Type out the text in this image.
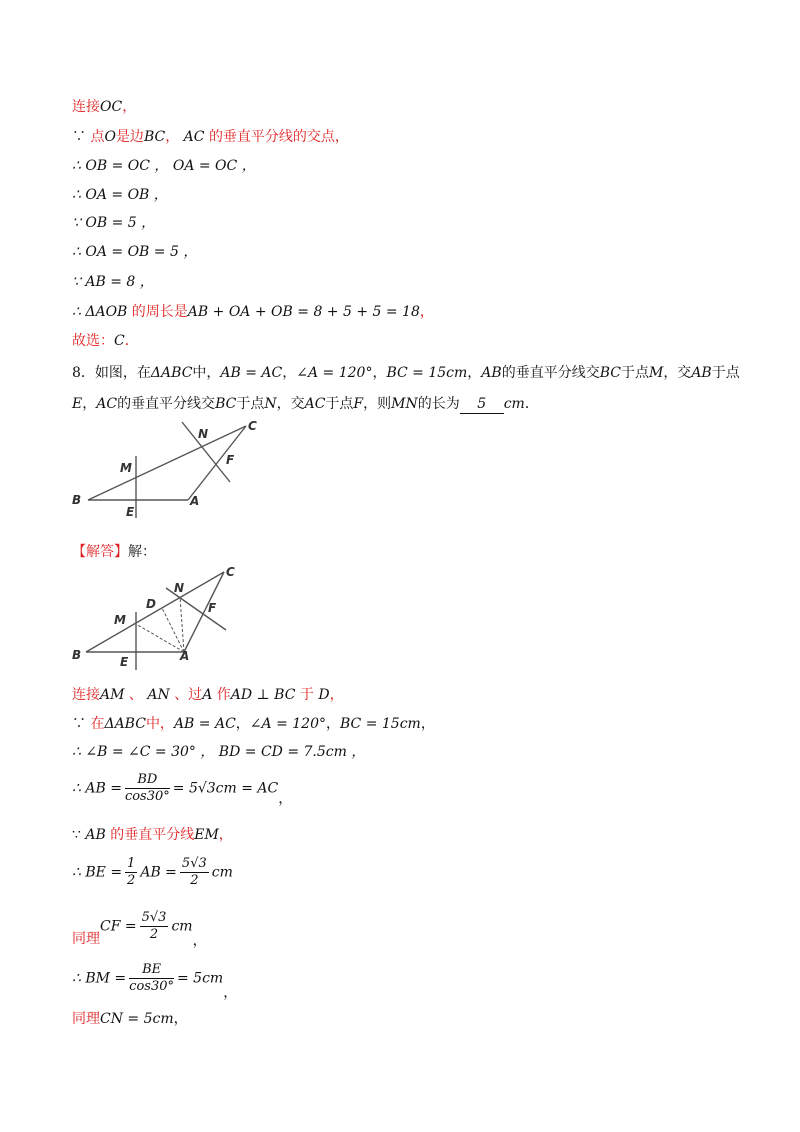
连接OC，
∵ 点O是边BC， AC 的垂直平分线的交点，
∴ OB = OC ， OA = OC ，
∴ OA = OB ，
∵ OB = 5 ，
∴ OA = OB = 5 ，
∵ AB = 8 ，
∴ ΔAOB 的周长是AB + OA + OB = 8 + 5 + 5 = 18，
故选：C．
8．如图，在ΔABC中，AB = AC，∠A = 120°，BC = 15cm，AB的垂直平分线交BC于点M，交AB于点
E，AC的垂直平分线交BC于点N，交AC于点F，则MN的长为 5 cm．
N
C
M
F
B	A
E
【解答】解：
N
C
D
M
F
B	E	A
连接AM 、 AN 、过A 作AD ⊥ BC 于 D，
∵ 在ΔABC中，AB = AC，∠A = 120°，BC = 15cm，
∴ ∠B = ∠C = 30° ， BD = CD = 7.5cm ，
∴ AB = $\frac{BD}{\cos 30^\circ} = 5√3cm$ = AC，
∵ AB 的垂直平分线EM，
∴ BE = $\frac{1}{2}$ AB = $\frac{5√3}{2}$ cm
同理CF = $\frac{5√3}{2}$ cm，
∴ BM = $\frac{BE}{\cos 30^\circ} = 5cm$，
同理CN = 5cm，
